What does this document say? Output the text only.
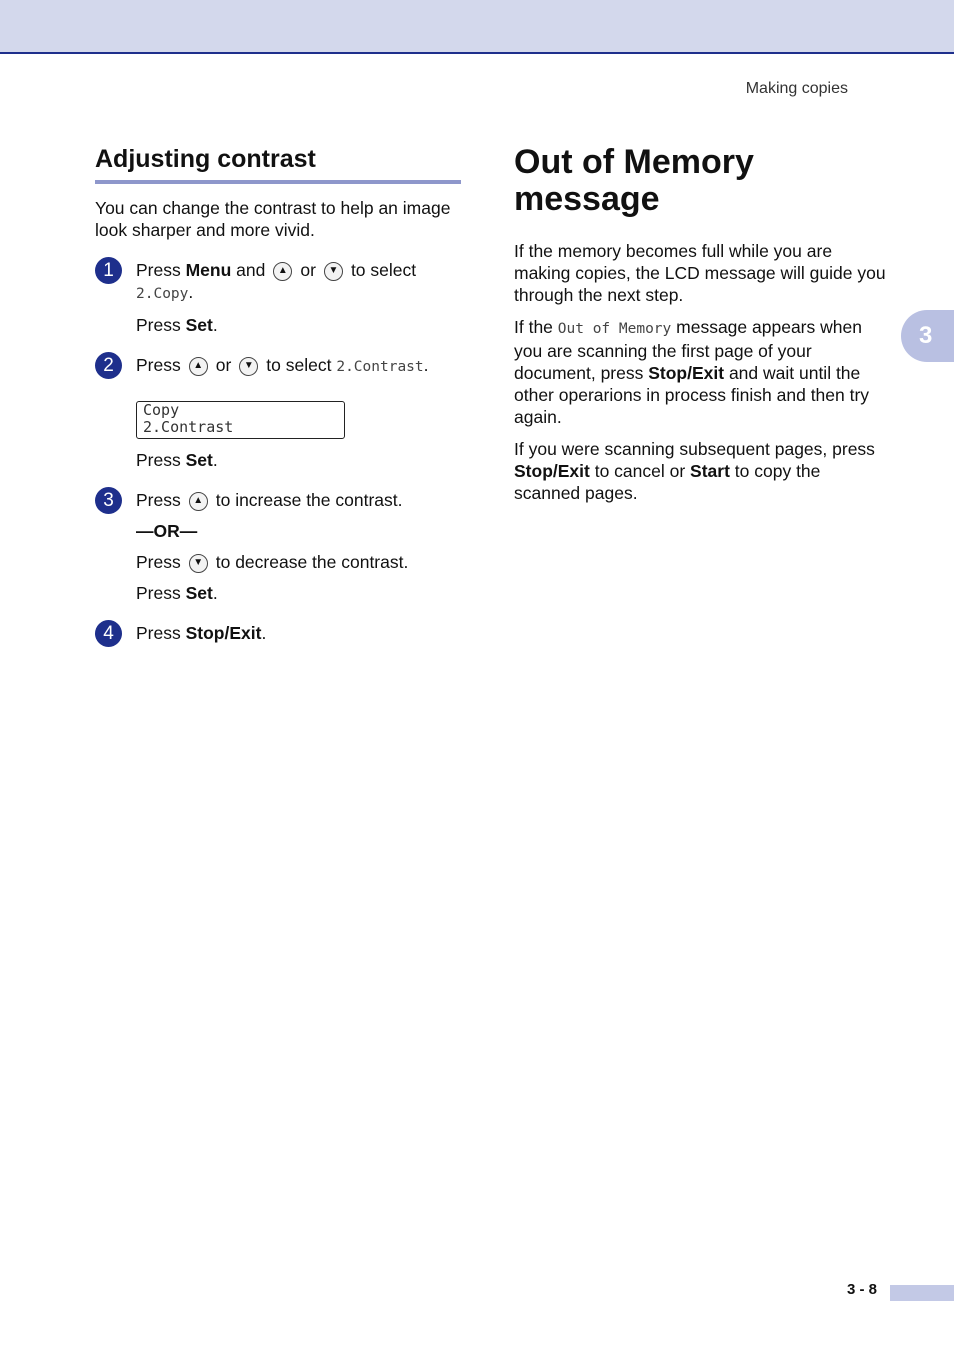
Making copies
3
Adjusting contrast

You can change the contrast to help an image look sharper and more vivid.

1	Press Menu and ▲ or ▼ to select

2.Copy.

Press Set.

2	Press ▲ or ▼ to select 2.Contrast.

Copy
2.Contrast

Press Set.

3	Press ▲ to increase the contrast.

—OR—

Press ▼ to decrease the contrast.

Press Set.

4	Press Stop/Exit.

Out of Memory
message

If the memory becomes full while you are making copies, the LCD message will guide you through the next step.

If the Out of Memory message appears when you are scanning the first page of your document, press Stop/Exit and wait until the other operarions in process finish and then try again.

If you were scanning subsequent pages, press Stop/Exit to cancel or Start to copy the scanned pages.

3 - 8
